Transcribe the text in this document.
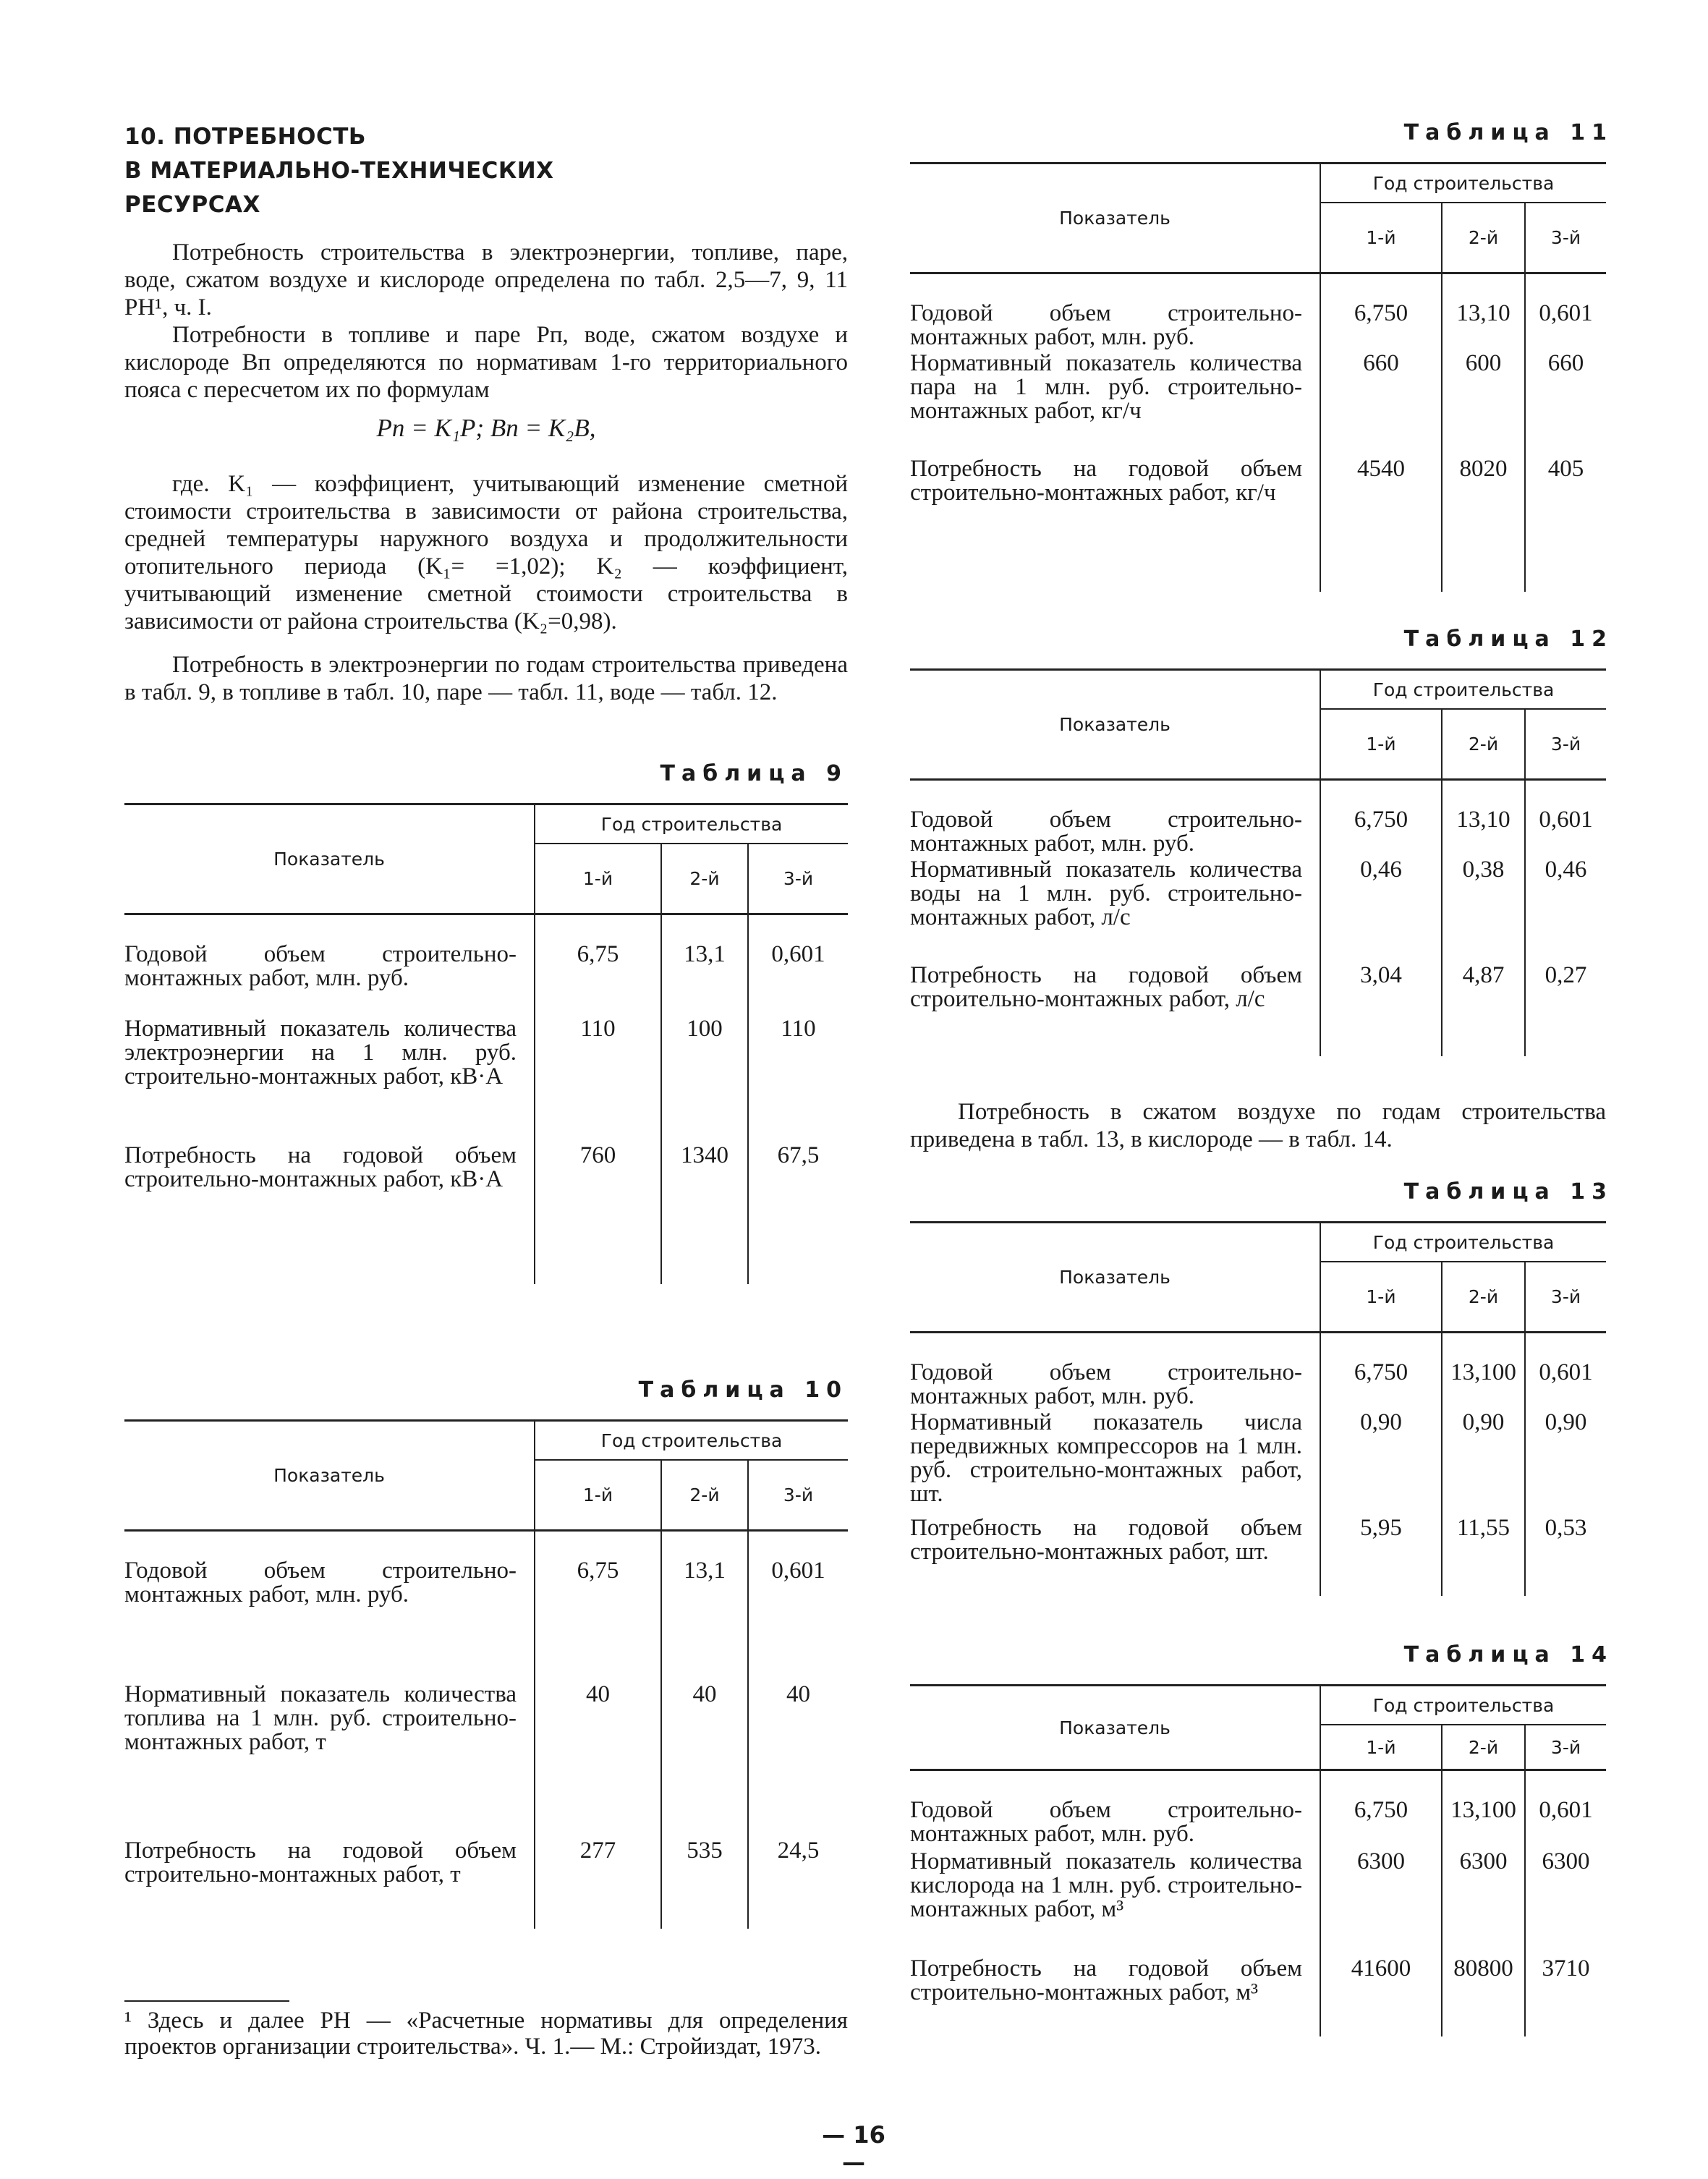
10. ПОТРЕБНОСТЬ
В МАТЕРИАЛЬНО-ТЕХНИЧЕСКИХ
РЕСУРСАХ

Потребность строительства в электроэнергии, топливе, паре, воде, сжатом воздухе и кислороде определена по табл. 2,5—7, 9, 11 РН¹, ч. I.

Потребности в топливе и паре Pп, воде, сжатом воздухе и кислороде Bп определяются по нормативам 1-го территориального пояса с пересчетом их по формулам

Pп = K₁P; Bп = K₂B,

где. K₁ — коэффициент, учитывающий изменение сметной стоимости строительства в зависимости от района строительства, средней температуры наружного воздуха и продолжительности отопительного периода (K₁= =1,02); K₂ — коэффициент, учитывающий изменение сметной стоимости строительства в зависимости от района строительства (K₂=0,98).

Потребность в электроэнергии по годам строительства приведена в табл. 9, в топливе в табл. 10, паре — табл. 11, воде — табл. 12.

Таблица 9

Показатель	Год строительства		
	1-й	2-й	3-й
Годовой объем строительно-монтажных работ, млн. руб.	6,75	13,1	0,601
Нормативный показатель количества электроэнергии на 1 млн. руб. строительно-монтажных работ, кВ·А	110	100	110
Потребность на годовой объем строительно-монтажных работ, кВ·А	760	1340	67,5

Таблица 10

Показатель	Год строительства		
	1-й	2-й	3-й
Годовой объем строительно-монтажных работ, млн. руб.	6,75	13,1	0,601
Нормативный показатель количества топлива на 1 млн. руб. строительно-монтажных работ, т	40	40	40
Потребность на годовой объем строительно-монтажных работ, т	277	535	24,5

¹ Здесь и далее РН — «Расчетные нормативы для определения проектов организации строительства». Ч. 1.— М.: Стройиздат, 1973.

Таблица 11

Показатель	Год строительства		
	1-й	2-й	3-й
Годовой объем строительно-монтажных работ, млн. руб.	6,750	13,10	0,601
Нормативный показатель количества пара на 1 млн. руб. строительно-монтажных работ, кг/ч	660	600	660
Потребность на годовой объем строительно-монтажных работ, кг/ч	4540	8020	405

Таблица 12

Показатель	Год строительства		
	1-й	2-й	3-й
Годовой объем строительно-монтажных работ, млн. руб.	6,750	13,10	0,601
Нормативный показатель количества воды на 1 млн. руб. строительно-монтажных работ, л/с	0,46	0,38	0,46
Потребность на годовой объем строительно-монтажных работ, л/с	3,04	4,87	0,27

Потребность в сжатом воздухе по годам строительства приведена в табл. 13, в кислороде — в табл. 14.

Таблица 13

Показатель	Год строительства		
	1-й	2-й	3-й
Годовой объем строительно-монтажных работ, млн. руб.	6,750	13,100	0,601
Нормативный показатель числа передвижных компрессоров на 1 млн. руб. строительно-монтажных работ, шт.	0,90	0,90	0,90
Потребность на годовой объем строительно-монтажных работ, шт.	5,95	11,55	0,53

Таблица 14

Показатель	Год строительства		
	1-й	2-й	3-й
Годовой объем строительно-монтажных работ, млн. руб.	6,750	13,100	0,601
Нормативный показатель количества кислорода на 1 млн. руб. строительно-монтажных работ, м³	6300	6300	6300
Потребность на годовой объем строительно-монтажных работ, м³	41600	80800	3710

— 16 —
